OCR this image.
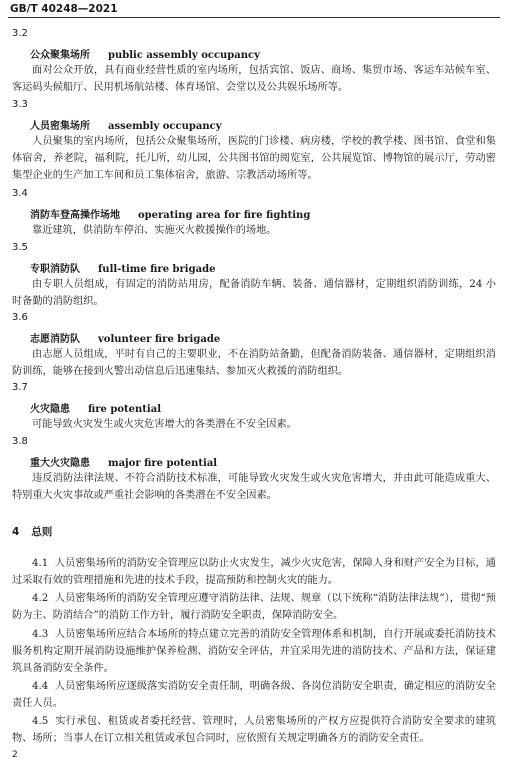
GB/T 40248—2021
3.2
公众聚集场所 public assembly occupancy
面对公众开放，具有商业经营性质的室内场所，包括宾馆、饭店、商场、集贸市场、客运车站候车室、客运码头候船厅、民用机场航站楼、体育场馆、会堂以及公共娱乐场所等。
3.3
人员密集场所 assembly occupancy
人员聚集的室内场所，包括公众聚集场所，医院的门诊楼、病房楼，学校的教学楼、图书馆、食堂和集体宿舍，养老院，福利院，托儿所，幼儿园，公共图书馆的阅览室，公共展览馆、博物馆的展示厅，劳动密集型企业的生产加工车间和员工集体宿舍，旅游、宗教活动场所等。
3.4
消防车登高操作场地 operating area for fire fighting
靠近建筑，供消防车停泊、实施灭火救援操作的场地。
3.5
专职消防队 full-time fire brigade
由专职人员组成，有固定的消防站用房，配备消防车辆、装备、通信器材，定期组织消防训练，24 小时备勤的消防组织。
3.6
志愿消防队 volunteer fire brigade
由志愿人员组成，平时有自己的主要职业，不在消防站备勤，但配备消防装备、通信器材，定期组织消防训练，能够在接到火警出动信息后迅速集结、参加灭火救援的消防组织。
3.7
火灾隐患 fire potential
可能导致火灾发生或火灾危害增大的各类潜在不安全因素。
3.8
重大火灾隐患 major fire potential
违反消防法律法规、不符合消防技术标准，可能导致火灾发生或火灾危害增大，并由此可能造成重大、特别重大火灾事故或严重社会影响的各类潜在不安全因素。
4 总则
4.1 人员密集场所的消防安全管理应以防止火灾发生，减少火灾危害，保障人身和财产安全为目标，通过采取有效的管理措施和先进的技术手段，提高预防和控制火灾的能力。
4.2 人员密集场所的消防安全管理应遵守消防法律、法规、规章（以下统称“消防法律法规”），贯彻“预防为主、防消结合”的消防工作方针，履行消防安全职责，保障消防安全。
4.3 人员密集场所应结合本场所的特点建立完善的消防安全管理体系和机制，自行开展或委托消防技术服务机构定期开展消防设施维护保养检测、消防安全评估，并宜采用先进的消防技术、产品和方法，保证建筑具备消防安全条件。
4.4 人员密集场所应逐级落实消防安全责任制，明确各级、各岗位消防安全职责，确定相应的消防安全责任人员。
4.5 实行承包、租赁或者委托经营、管理时，人员密集场所的产权方应提供符合消防安全要求的建筑物、场所；当事人在订立相关租赁或承包合同时，应依照有关规定明确各方的消防安全责任。
2
